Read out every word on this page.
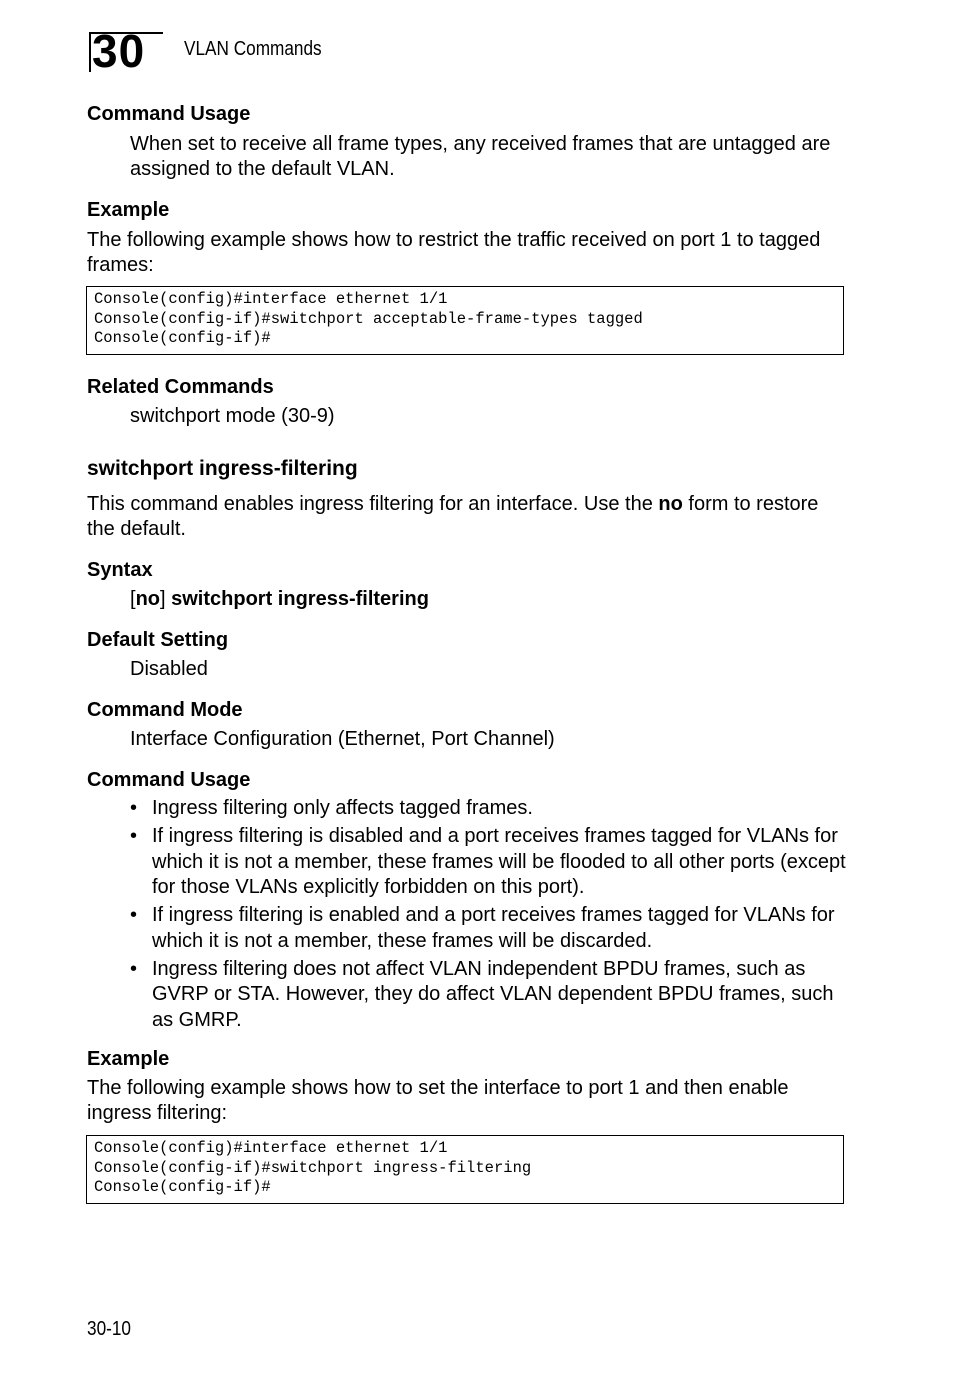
30 VLAN Commands
Command Usage
When set to receive all frame types, any received frames that are untagged are assigned to the default VLAN.
Example
The following example shows how to restrict the traffic received on port 1 to tagged frames:
Console(config)#interface ethernet 1/1
Console(config-if)#switchport acceptable-frame-types tagged
Console(config-if)#
Related Commands
switchport mode (30-9)
switchport ingress-filtering
This command enables ingress filtering for an interface. Use the no form to restore the default.
Syntax
[no] switchport ingress-filtering
Default Setting
Disabled
Command Mode
Interface Configuration (Ethernet, Port Channel)
Command Usage
• Ingress filtering only affects tagged frames.
• If ingress filtering is disabled and a port receives frames tagged for VLANs for which it is not a member, these frames will be flooded to all other ports (except for those VLANs explicitly forbidden on this port).
• If ingress filtering is enabled and a port receives frames tagged for VLANs for which it is not a member, these frames will be discarded.
• Ingress filtering does not affect VLAN independent BPDU frames, such as GVRP or STA. However, they do affect VLAN dependent BPDU frames, such as GMRP.
Example
The following example shows how to set the interface to port 1 and then enable ingress filtering:
Console(config)#interface ethernet 1/1
Console(config-if)#switchport ingress-filtering
Console(config-if)#
30-10
